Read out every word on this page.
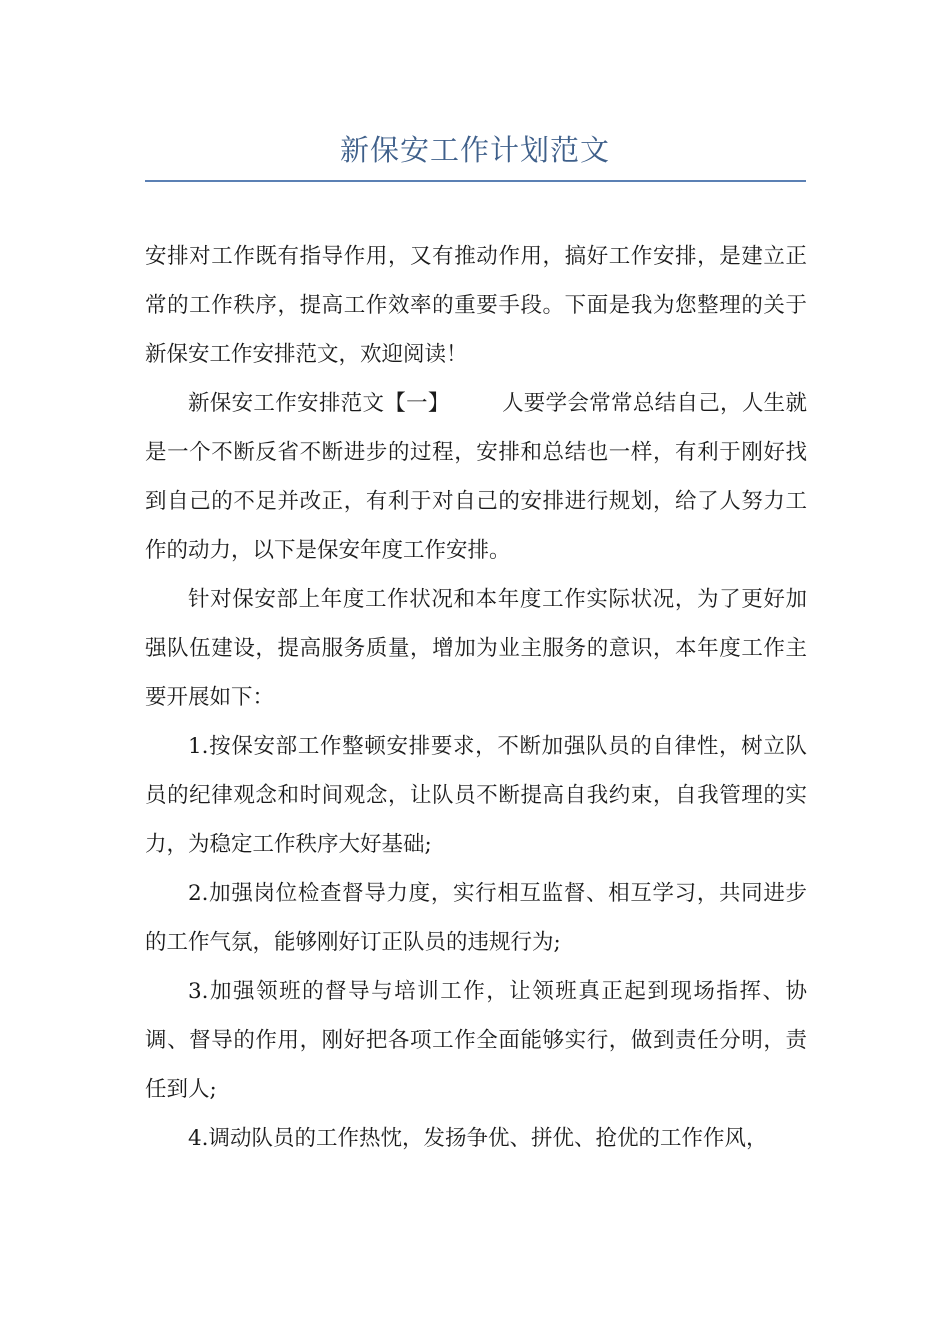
新保安工作计划范文

安排对工作既有指导作用，又有推动作用，搞好工作安排，是建立正常的工作秩序，提高工作效率的重要手段。下面是我为您整理的关于新保安工作安排范文，欢迎阅读！

新保安工作安排范文【一】 人要学会常常总结自己，人生就是一个不断反省不断进步的过程，安排和总结也一样，有利于刚好找到自己的不足并改正，有利于对自己的安排进行规划，给了人努力工作的动力，以下是保安年度工作安排。

针对保安部上年度工作状况和本年度工作实际状况，为了更好加强队伍建设，提高服务质量，增加为业主服务的意识，本年度工作主要开展如下：

1.按保安部工作整顿安排要求，不断加强队员的自律性，树立队员的纪律观念和时间观念，让队员不断提高自我约束，自我管理的实力，为稳定工作秩序大好基础;

2.加强岗位检查督导力度，实行相互监督、相互学习，共同进步的工作气氛，能够刚好订正队员的违规行为;

3.加强领班的督导与培训工作，让领班真正起到现场指挥、协调、督导的作用，刚好把各项工作全面能够实行，做到责任分明，责任到人;

4.调动队员的工作热忱，发扬争优、拼优、抢优的工作作风，
